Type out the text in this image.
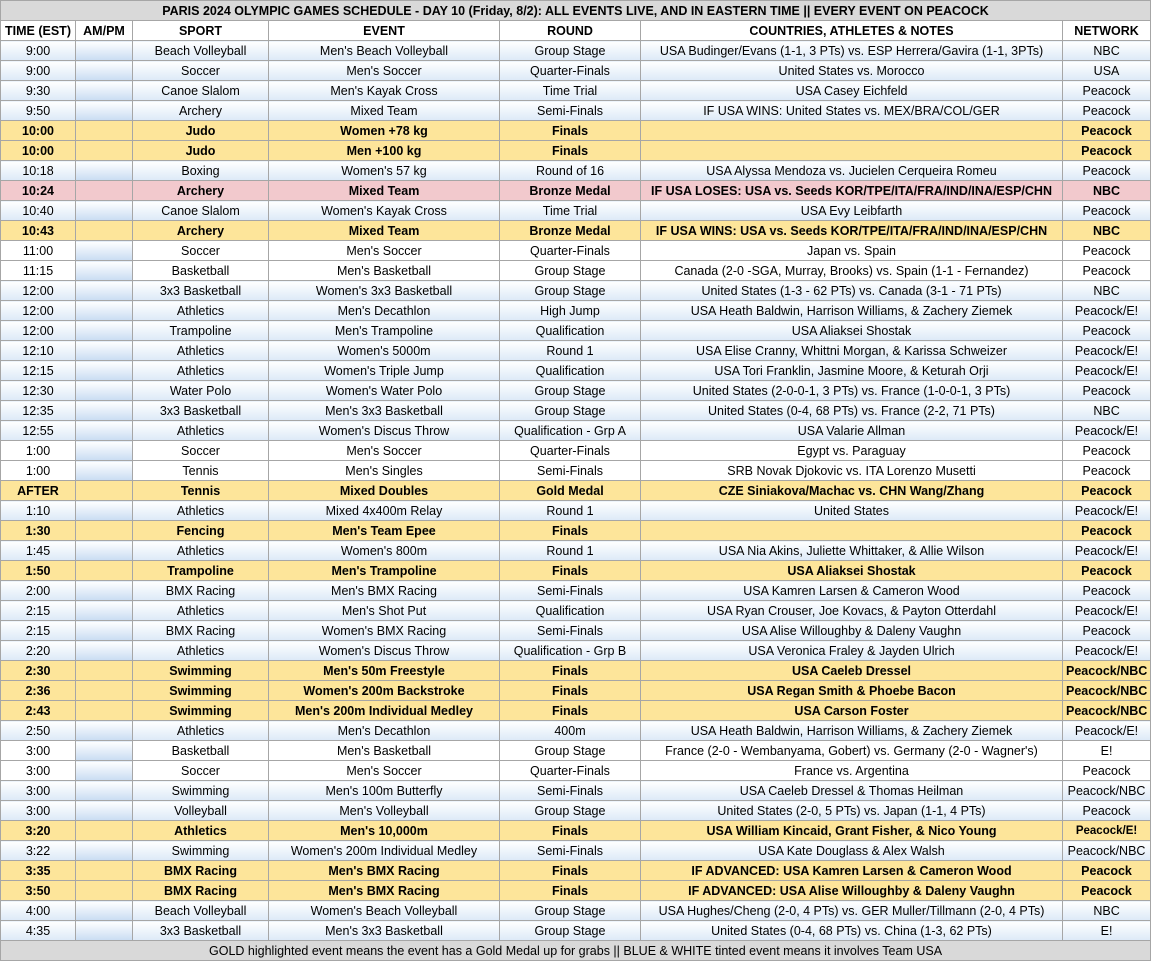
PARIS 2024 OLYMPIC GAMES SCHEDULE - DAY 10 (Friday, 8/2): ALL EVENTS LIVE, AND IN EASTERN TIME || EVERY EVENT ON PEACOCK						
TIME (EST)	AM/PM	SPORT	EVENT	ROUND	COUNTRIES, ATHLETES & NOTES	NETWORK
9:00		Beach Volleyball	Men's Beach Volleyball	Group Stage	USA Budinger/Evans (1-1, 3 PTs) vs. ESP Herrera/Gavira (1-1, 3PTs)	NBC
9:00		Soccer	Men's Soccer	Quarter-Finals	United States vs. Morocco	USA
9:30		Canoe Slalom	Men's Kayak Cross	Time Trial	USA Casey Eichfeld	Peacock
9:50		Archery	Mixed Team	Semi-Finals	IF USA WINS: United States vs. MEX/BRA/COL/GER	Peacock
10:00		Judo	Women +78 kg	Finals		Peacock
10:00		Judo	Men +100 kg	Finals		Peacock
10:18		Boxing	Women's 57 kg	Round of 16	USA Alyssa Mendoza vs. Jucielen Cerqueira Romeu	Peacock
10:24		Archery	Mixed Team	Bronze Medal	IF USA LOSES: USA vs. Seeds KOR/TPE/ITA/FRA/IND/INA/ESP/CHN	NBC
10:40		Canoe Slalom	Women's Kayak Cross	Time Trial	USA Evy Leibfarth	Peacock
10:43		Archery	Mixed Team	Bronze Medal	IF USA WINS: USA vs. Seeds KOR/TPE/ITA/FRA/IND/INA/ESP/CHN	NBC
11:00		Soccer	Men's Soccer	Quarter-Finals	Japan vs. Spain	Peacock
11:15		Basketball	Men's Basketball	Group Stage	Canada (2-0 -SGA, Murray, Brooks) vs. Spain (1-1 - Fernandez)	Peacock
12:00		3x3 Basketball	Women's 3x3 Basketball	Group Stage	United States (1-3 - 62 PTs) vs. Canada (3-1 - 71 PTs)	NBC
12:00		Athletics	Men's Decathlon	High Jump	USA Heath Baldwin, Harrison Williams, & Zachery Ziemek	Peacock/E!
12:00		Trampoline	Men's Trampoline	Qualification	USA Aliaksei Shostak	Peacock
12:10		Athletics	Women's 5000m	Round 1	USA Elise Cranny, Whittni Morgan, & Karissa Schweizer	Peacock/E!
12:15		Athletics	Women's Triple Jump	Qualification	USA Tori Franklin, Jasmine Moore, & Keturah Orji	Peacock/E!
12:30		Water Polo	Women's Water Polo	Group Stage	United States (2-0-0-1, 3 PTs) vs. France (1-0-0-1, 3 PTs)	Peacock
12:35		3x3 Basketball	Men's 3x3 Basketball	Group Stage	United States (0-4, 68 PTs) vs. France (2-2, 71 PTs)	NBC
12:55		Athletics	Women's Discus Throw	Qualification - Grp A	USA Valarie Allman	Peacock/E!
1:00		Soccer	Men's Soccer	Quarter-Finals	Egypt vs. Paraguay	Peacock
1:00		Tennis	Men's Singles	Semi-Finals	SRB Novak Djokovic vs. ITA Lorenzo Musetti	Peacock
AFTER		Tennis	Mixed Doubles	Gold Medal	CZE Siniakova/Machac vs. CHN Wang/Zhang	Peacock
1:10		Athletics	Mixed 4x400m Relay	Round 1	United States	Peacock/E!
1:30		Fencing	Men's Team Epee	Finals		Peacock
1:45		Athletics	Women's 800m	Round 1	USA Nia Akins, Juliette Whittaker, & Allie Wilson	Peacock/E!
1:50		Trampoline	Men's Trampoline	Finals	USA Aliaksei Shostak	Peacock
2:00		BMX Racing	Men's BMX Racing	Semi-Finals	USA Kamren Larsen & Cameron Wood	Peacock
2:15		Athletics	Men's Shot Put	Qualification	USA Ryan Crouser, Joe Kovacs, & Payton Otterdahl	Peacock/E!
2:15		BMX Racing	Women's BMX Racing	Semi-Finals	USA Alise Willoughby & Daleny Vaughn	Peacock
2:20		Athletics	Women's Discus Throw	Qualification - Grp B	USA Veronica Fraley & Jayden Ulrich	Peacock/E!
2:30		Swimming	Men's 50m Freestyle	Finals	USA Caeleb Dressel	Peacock/NBC
2:36		Swimming	Women's 200m Backstroke	Finals	USA Regan Smith & Phoebe Bacon	Peacock/NBC
2:43		Swimming	Men's 200m Individual Medley	Finals	USA Carson Foster	Peacock/NBC
2:50		Athletics	Men's Decathlon	400m	USA Heath Baldwin, Harrison Williams, & Zachery Ziemek	Peacock/E!
3:00		Basketball	Men's Basketball	Group Stage	France (2-0 - Wembanyama, Gobert) vs. Germany (2-0 - Wagner's)	E!
3:00		Soccer	Men's Soccer	Quarter-Finals	France vs. Argentina	Peacock
3:00		Swimming	Men's 100m Butterfly	Semi-Finals	USA Caeleb Dressel & Thomas Heilman	Peacock/NBC
3:00		Volleyball	Men's Volleyball	Group Stage	United States (2-0, 5 PTs) vs. Japan (1-1, 4 PTs)	Peacock
3:20		Athletics	Men's 10,000m	Finals	USA William Kincaid, Grant Fisher, & Nico Young	Peacock/E!
3:22		Swimming	Women's 200m Individual Medley	Semi-Finals	USA Kate Douglass & Alex Walsh	Peacock/NBC
3:35		BMX Racing	Men's BMX Racing	Finals	IF ADVANCED: USA Kamren Larsen & Cameron Wood	Peacock
3:50		BMX Racing	Men's BMX Racing	Finals	IF ADVANCED: USA Alise Willoughby & Daleny Vaughn	Peacock
4:00		Beach Volleyball	Women's Beach Volleyball	Group Stage	USA Hughes/Cheng (2-0, 4 PTs) vs. GER Muller/Tillmann (2-0, 4 PTs)	NBC
4:35		3x3 Basketball	Men's 3x3 Basketball	Group Stage	United States (0-4, 68 PTs) vs. China (1-3, 62 PTs)	E!
GOLD highlighted event means the event has a Gold Medal up for grabs || BLUE & WHITE tinted event means it involves Team USA						
